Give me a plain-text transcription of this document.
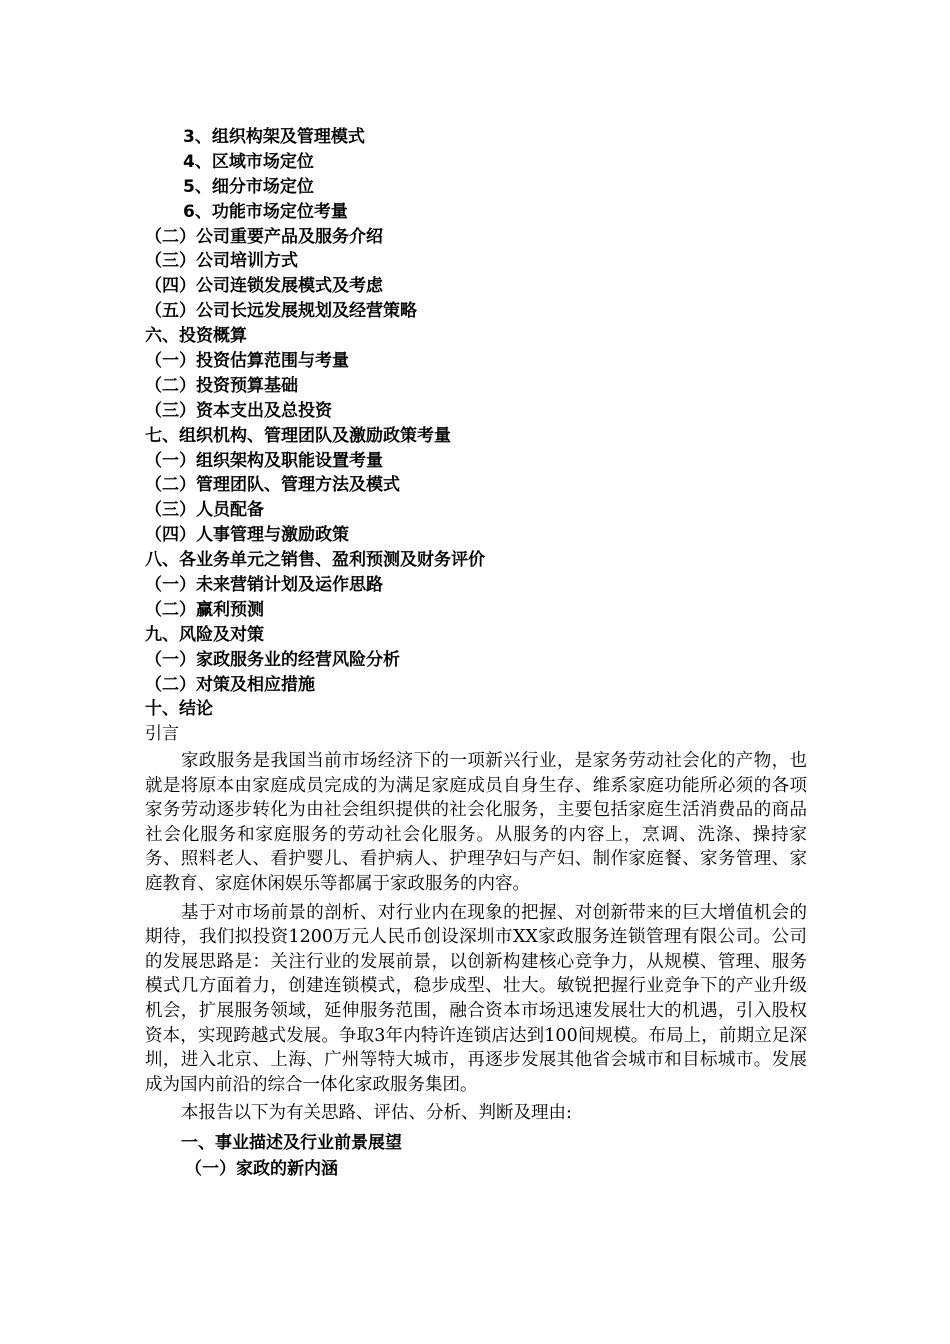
3、组织构架及管理模式
4、区域市场定位
5、细分市场定位
6、功能市场定位考量
（二）公司重要产品及服务介绍
（三）公司培训方式
（四）公司连锁发展模式及考虑
（五）公司长远发展规划及经营策略
六、投资概算
（一）投资估算范围与考量
（二）投资预算基础
（三）资本支出及总投资
七、组织机构、管理团队及激励政策考量
（一）组织架构及职能设置考量
（二）管理团队、管理方法及模式
（三）人员配备
（四）人事管理与激励政策
八、各业务单元之销售、盈利预测及财务评价
（一）未来营销计划及运作思路
（二）赢利预测
九、风险及对策
（一）家政服务业的经营风险分析
（二）对策及相应措施
十、结论
引言

家政服务是我国当前市场经济下的一项新兴行业，是家务劳动社会化的产物，也就是将原本由家庭成员完成的为满足家庭成员自身生存、维系家庭功能所必须的各项家务劳动逐步转化为由社会组织提供的社会化服务，主要包括家庭生活消费品的商品社会化服务和家庭服务的劳动社会化服务。从服务的内容上，烹调、洗涤、操持家务、照料老人、看护婴儿、看护病人、护理孕妇与产妇、制作家庭餐、家务管理、家庭教育、家庭休闲娱乐等都属于家政服务的内容。

基于对市场前景的剖析、对行业内在现象的把握、对创新带来的巨大增值机会的期待，我们拟投资1200万元人民币创设深圳市XX家政服务连锁管理有限公司。公司的发展思路是：关注行业的发展前景，以创新构建核心竞争力，从规模、管理、服务模式几方面着力，创建连锁模式，稳步成型、壮大。敏锐把握行业竞争下的产业升级机会，扩展服务领域，延伸服务范围，融合资本市场迅速发展壮大的机遇，引入股权资本，实现跨越式发展。争取3年内特许连锁店达到100间规模。布局上，前期立足深圳，进入北京、上海、广州等特大城市，再逐步发展其他省会城市和目标城市。发展成为国内前沿的综合一体化家政服务集团。

本报告以下为有关思路、评估、分析、判断及理由:

一、事业描述及行业前景展望
（一）家政的新内涵
